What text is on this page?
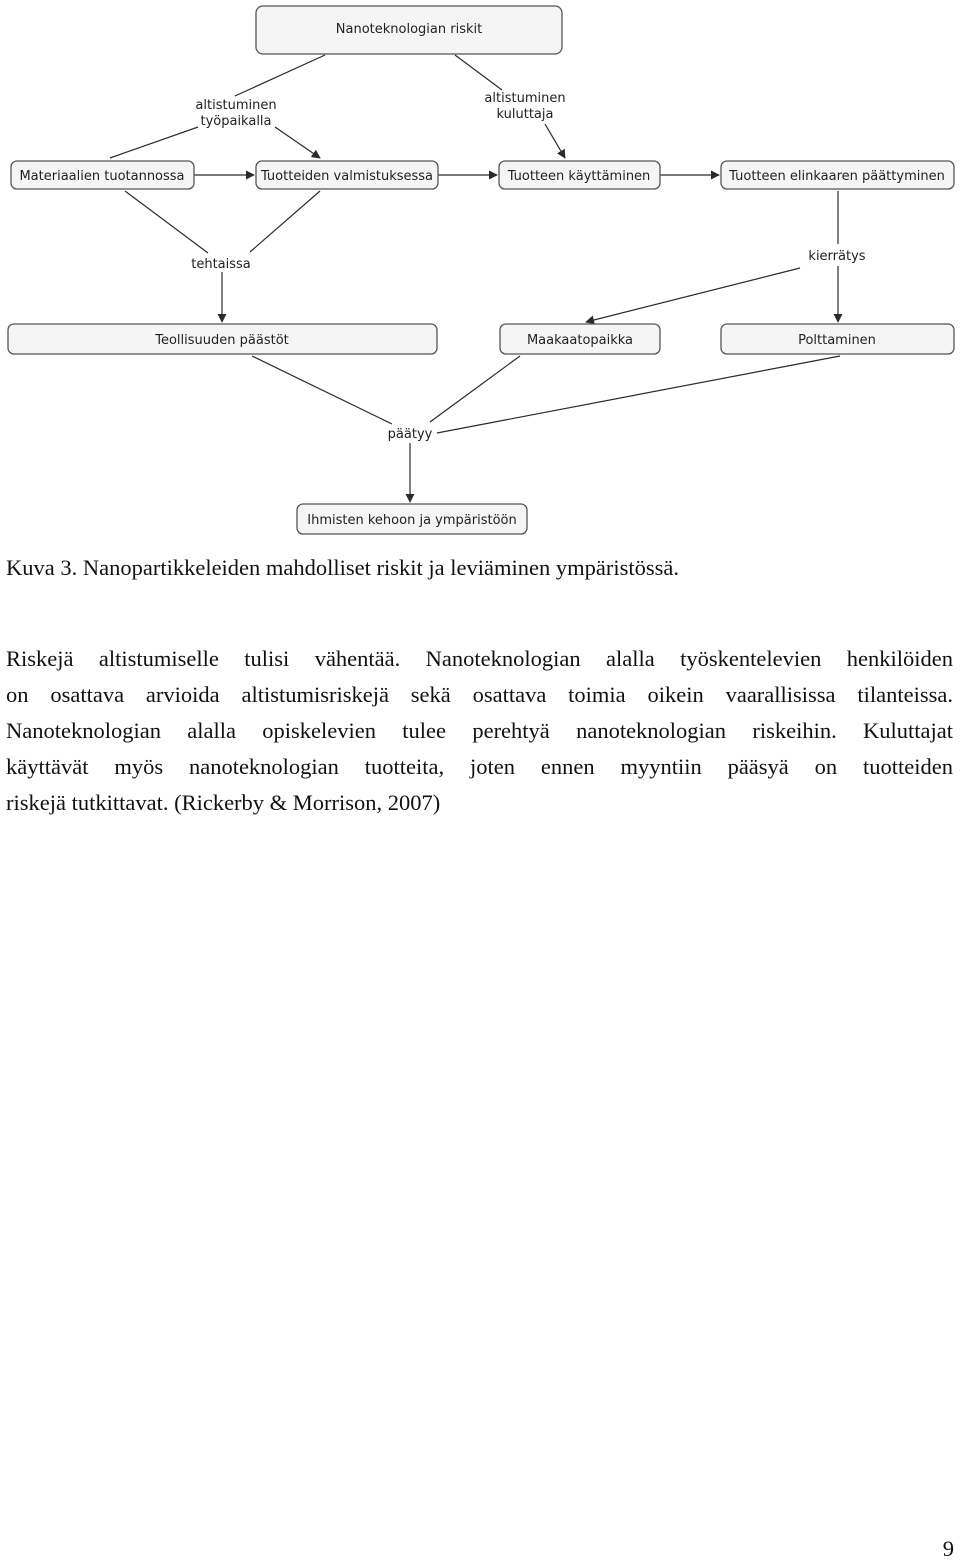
Nanoteknologian riskit
Materiaalien tuotannossa	Tuotteiden valmistuksessa	Tuotteen käyttäminen	Tuotteen elinkaaren päättyminen
Teollisuuden päästöt	Maakaatopaikka	Polttaminen
Ihmisten kehoon ja ympäristöön
altistuminen
työpaikalla
altistuminen
kuluttaja
tehtaissa
kierrätys
päätyy
Kuva 3. Nanopartikkeleiden mahdolliset riskit ja leviäminen ympäristössä.
Riskejä altistumiselle tulisi vähentää. Nanoteknologian alalla työskentelevien henkilöiden
on osattava arvioida altistumisriskejä sekä osattava toimia oikein vaarallisissa tilanteissa.
Nanoteknologian alalla opiskelevien tulee perehtyä nanoteknologian riskeihin. Kuluttajat
käyttävät myös nanoteknologian tuotteita, joten ennen myyntiin pääsyä on tuotteiden
riskejä tutkittavat. (Rickerby & Morrison, 2007)
9
